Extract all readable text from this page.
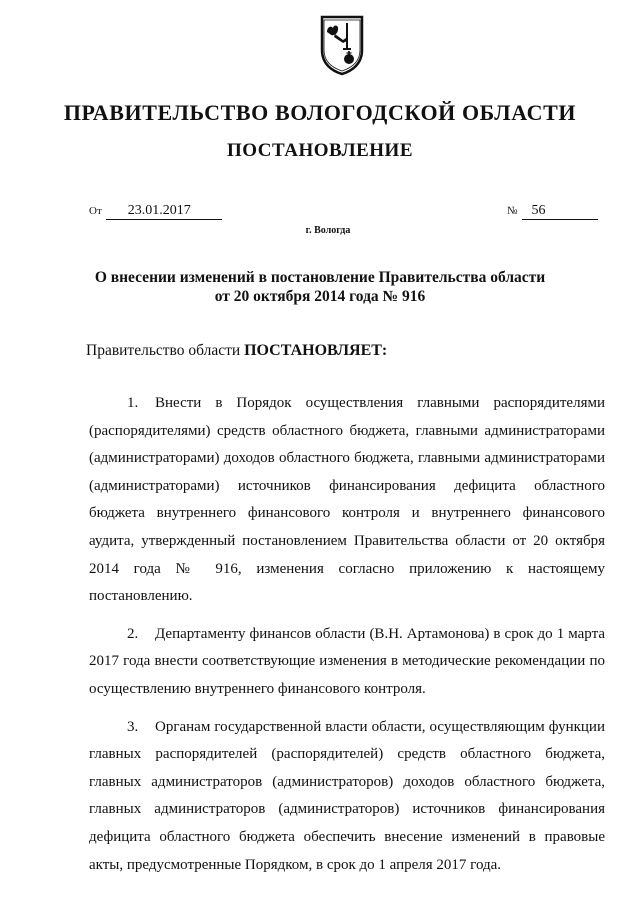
ПРАВИТЕЛЬСТВО ВОЛОГОДСКОЙ ОБЛАСТИ
ПОСТАНОВЛЕНИЕ
От 23.01.2017	№ 56
г. Вологда
О внесении изменений в постановление Правительства области
от 20 октября 2014 года № 916
Правительство области ПОСТАНОВЛЯЕТ:

1. Внести в Порядок осуществления главными распорядителями (распорядителями) средств областного бюджета, главными администраторами (администраторами) доходов областного бюджета, главными администраторами (администраторами) источников финансирования дефицита областного бюджета внутреннего финансового контроля и внутреннего финансового аудита, утвержденный постановлением Правительства области от 20 октября 2014 года № 916, изменения согласно приложению к настоящему постановлению.

2. Департаменту финансов области (В.Н. Артамонова) в срок до 1 марта 2017 года внести соответствующие изменения в методические рекомендации по осуществлению внутреннего финансового контроля.

3. Органам государственной власти области, осуществляющим функции главных распорядителей (распорядителей) средств областного бюджета, главных администраторов (администраторов) доходов областного бюджета, главных администраторов (администраторов) источников финансирования дефицита областного бюджета обеспечить внесение изменений в правовые акты, предусмотренные Порядком, в срок до 1 апреля 2017 года.
